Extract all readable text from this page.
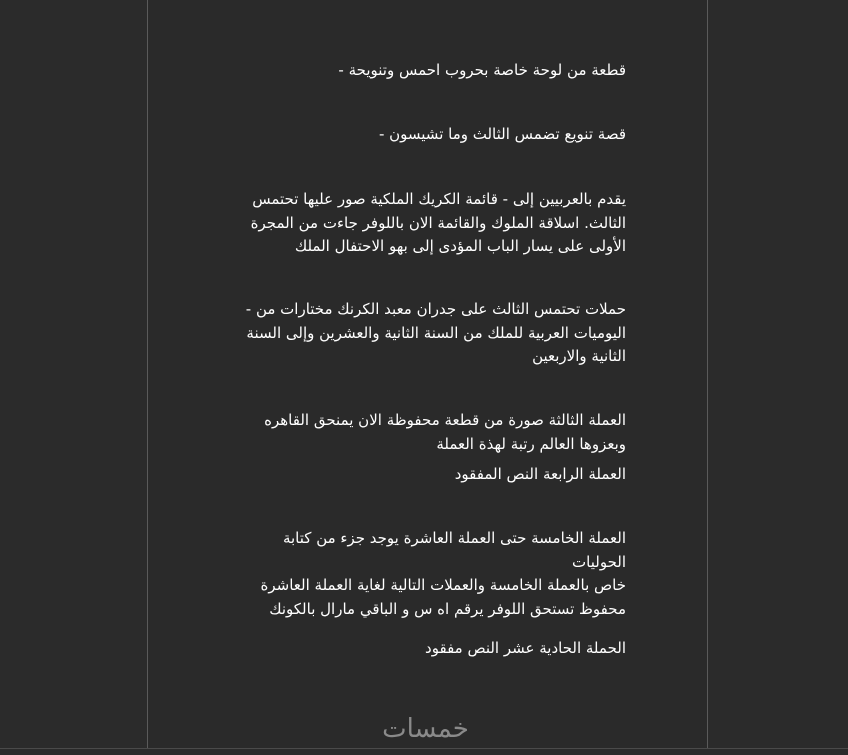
قطعة من لوحة خاصة بحروب احمس وتنويحة -

قصة تنويع تضمس الثالث وما تشيسون -

يقدم بالعربيين إلى - قائمة الكريك الملكية صور عليها تحتمس
الثالث. اسلاقة الملوك والقائمة الان باللوفر جاءت من المجرة
الأولى على يسار الباب المؤدى إلى بهو الاحتفال الملك

حملات تحتمس الثالث على جدران معبد الكرنك مختارات من -
اليوميات العربية للملك من السنة الثانية والعشرين وإلى السنة
الثانية والاربعين

العملة الثالثة صورة من قطعة محفوظة الان يمنحق القاهره
وبعزوها العالم رتبة لهذة العملة

العملة الرابعة النص المفقود

العملة الخامسة حتى العملة العاشرة يوجد جزء من كتابة الحوليات
خاص بالعملة الخامسة والعملات التالية لغاية العملة العاشرة
محفوظ تستحق اللوفر يرقم اه س و الباقي مارال بالكونك

الحملة الحادية عشر النص مفقود

خمسات
